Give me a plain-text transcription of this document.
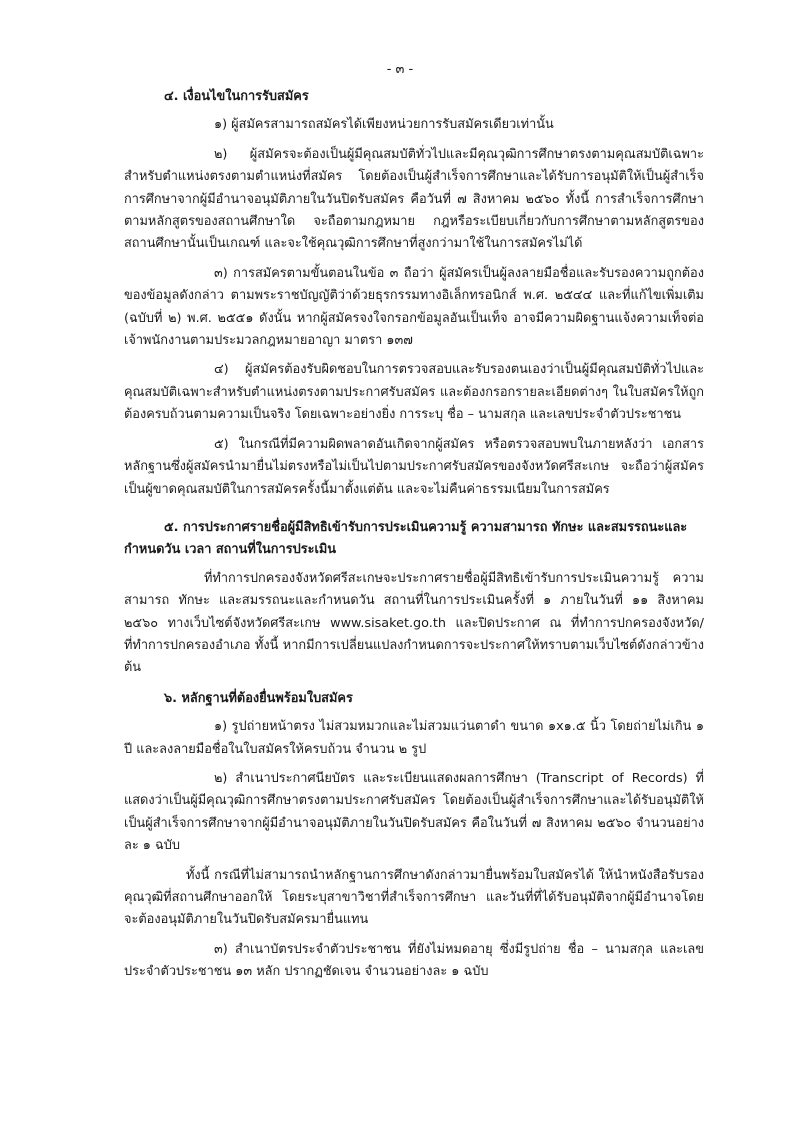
- ๓ -

๔. เงื่อนไขในการรับสมัคร

๑) ผู้สมัครสามารถสมัครได้เพียงหน่วยการรับสมัครเดียวเท่านั้น

๒) ผู้สมัครจะต้องเป็นผู้มีคุณสมบัติทั่วไปและมีคุณวุฒิการศึกษาตรงตามคุณสมบัติเฉพาะสำหรับตำแหน่งตรงตามตำแหน่งที่สมัคร โดยต้องเป็นผู้สำเร็จการศึกษาและได้รับการอนุมัติให้เป็นผู้สำเร็จการศึกษาจากผู้มีอำนาจอนุมัติภายในวันปิดรับสมัคร คือวันที่ ๗ สิงหาคม ๒๕๖๐ ทั้งนี้ การสำเร็จการศึกษาตามหลักสูตรของสถานศึกษาใด จะถือตามกฎหมาย กฎหรือระเบียบเกี่ยวกับการศึกษาตามหลักสูตรของสถานศึกษานั้นเป็นเกณฑ์ และจะใช้คุณวุฒิการศึกษาที่สูงกว่ามาใช้ในการสมัครไม่ได้

๓) การสมัครตามขั้นตอนในข้อ ๓ ถือว่า ผู้สมัครเป็นผู้ลงลายมือชื่อและรับรองความถูกต้องของข้อมูลดังกล่าว ตามพระราชบัญญัติว่าด้วยธุรกรรมทางอิเล็กทรอนิกส์ พ.ศ. ๒๕๔๔ และที่แก้ไขเพิ่มเติม (ฉบับที่ ๒) พ.ศ. ๒๕๕๑ ดังนั้น หากผู้สมัครจงใจกรอกข้อมูลอันเป็นเท็จ อาจมีความผิดฐานแจ้งความเท็จต่อเจ้าพนักงานตามประมวลกฎหมายอาญา มาตรา ๑๓๗

๔) ผู้สมัครต้องรับผิดชอบในการตรวจสอบและรับรองตนเองว่าเป็นผู้มีคุณสมบัติทั่วไปและคุณสมบัติเฉพาะสำหรับตำแหน่งตรงตามประกาศรับสมัคร และต้องกรอกรายละเอียดต่างๆ ในใบสมัครให้ถูกต้องครบถ้วนตามความเป็นจริง โดยเฉพาะอย่างยิ่ง การระบุ ชื่อ – นามสกุล และเลขประจำตัวประชาชน

๕) ในกรณีที่มีความผิดพลาดอันเกิดจากผู้สมัคร หรือตรวจสอบพบในภายหลังว่า เอกสารหลักฐานซึ่งผู้สมัครนำมายื่นไม่ตรงหรือไม่เป็นไปตามประกาศรับสมัครของจังหวัดศรีสะเกษ จะถือว่าผู้สมัครเป็นผู้ขาดคุณสมบัติในการสมัครครั้งนี้มาตั้งแต่ต้น และจะไม่คืนค่าธรรมเนียมในการสมัคร

๕. การประกาศรายชื่อผู้มีสิทธิเข้ารับการประเมินความรู้ ความสามารถ ทักษะ และสมรรถนะและกำหนดวัน เวลา สถานที่ในการประเมิน

ที่ทำการปกครองจังหวัดศรีสะเกษจะประกาศรายชื่อผู้มีสิทธิเข้ารับการประเมินความรู้ ความสามารถ ทักษะ และสมรรถนะและกำหนดวัน สถานที่ในการประเมินครั้งที่ ๑ ภายในวันที่ ๑๑ สิงหาคม ๒๕๖๐ ทางเว็บไซต์จังหวัดศรีสะเกษ www.sisaket.go.th และปิดประกาศ ณ ที่ทำการปกครองจังหวัด/ที่ทำการปกครองอำเภอ ทั้งนี้ หากมีการเปลี่ยนแปลงกำหนดการจะประกาศให้ทราบตามเว็บไซต์ดังกล่าวข้างต้น

๖. หลักฐานที่ต้องยื่นพร้อมใบสมัคร

๑) รูปถ่ายหน้าตรง ไม่สวมหมวกและไม่สวมแว่นตาดำ ขนาด ๑x๑.๕ นิ้ว โดยถ่ายไม่เกิน ๑ ปี และลงลายมือชื่อในใบสมัครให้ครบถ้วน จำนวน ๒ รูป

๒) สำเนาประกาศนียบัตร และระเบียนแสดงผลการศึกษา (Transcript of Records) ที่แสดงว่าเป็นผู้มีคุณวุฒิการศึกษาตรงตามประกาศรับสมัคร โดยต้องเป็นผู้สำเร็จการศึกษาและได้รับอนุมัติให้เป็นผู้สำเร็จการศึกษาจากผู้มีอำนาจอนุมัติภายในวันปิดรับสมัคร คือในวันที่ ๗ สิงหาคม ๒๕๖๐ จำนวนอย่างละ ๑ ฉบับ

ทั้งนี้ กรณีที่ไม่สามารถนำหลักฐานการศึกษาดังกล่าวมายื่นพร้อมใบสมัครได้ ให้นำหนังสือรับรองคุณวุฒิที่สถานศึกษาออกให้ โดยระบุสาขาวิชาที่สำเร็จการศึกษา และวันที่ที่ได้รับอนุมัติจากผู้มีอำนาจโดยจะต้องอนุมัติภายในวันปิดรับสมัครมายื่นแทน

๓) สำเนาบัตรประจำตัวประชาชน ที่ยังไม่หมดอายุ ซึ่งมีรูปถ่าย ชื่อ – นามสกุล และเลขประจำตัวประชาชน ๑๓ หลัก ปรากฏชัดเจน จำนวนอย่างละ ๑ ฉบับ
